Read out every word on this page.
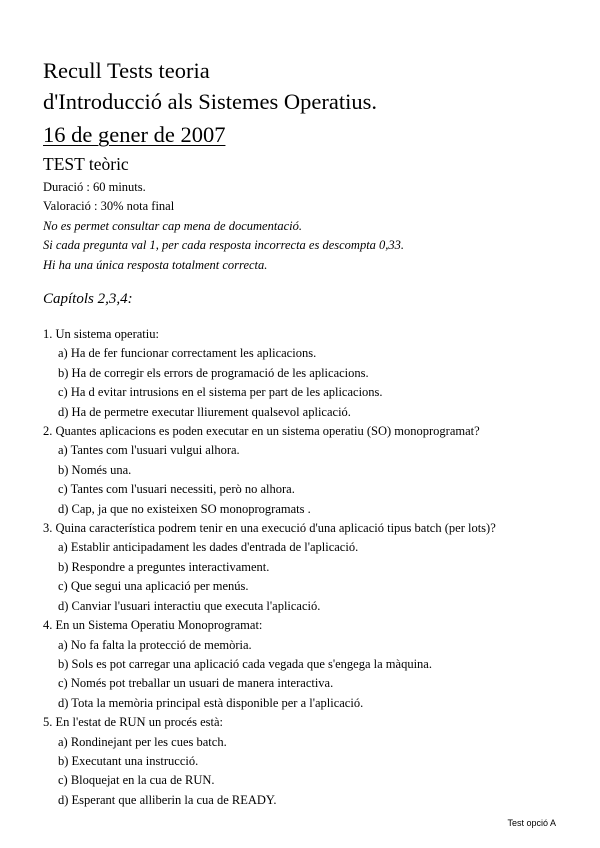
Recull Tests teoria
d'Introducció als Sistemes Operatius.
16 de gener de 2007
TEST teòric
Duració : 60 minuts.
Valoració : 30% nota final
No es permet consultar cap mena de documentació.
Si cada pregunta val 1, per cada resposta incorrecta es descompta 0,33.
Hi ha una única resposta totalment correcta.
Capítols 2,3,4:
1. Un sistema operatiu:
a) Ha de fer funcionar correctament les aplicacions.
b) Ha de corregir els errors de programació de les aplicacions.
c) Ha d evitar intrusions en el sistema per part de les aplicacions.
d) Ha de permetre executar lliurement qualsevol aplicació.
2. Quantes aplicacions es poden executar en un sistema operatiu (SO) monoprogramat?
a) Tantes com l'usuari vulgui alhora.
b) Només una.
c) Tantes com l'usuari necessiti, però no alhora.
d) Cap, ja que no existeixen SO monoprogramats .
3. Quina característica podrem tenir en una execució d'una aplicació tipus batch (per lots)?
a) Establir anticipadament les dades d'entrada de l'aplicació.
b) Respondre a preguntes interactivament.
c) Que segui una aplicació per menús.
d) Canviar l'usuari interactiu que executa l'aplicació.
4. En un Sistema Operatiu Monoprogramat:
a) No fa falta la protecció de memòria.
b) Sols es pot carregar una aplicació cada vegada que s'engega la màquina.
c) Només pot treballar un usuari de manera interactiva.
d) Tota la memòria principal està disponible per a l'aplicació.
5. En l'estat de RUN un procés està:
a) Rondinejant per les cues batch.
b) Executant una instrucció.
c) Bloquejat en la cua de RUN.
d) Esperant que alliberin la cua de READY.
Test opció A
